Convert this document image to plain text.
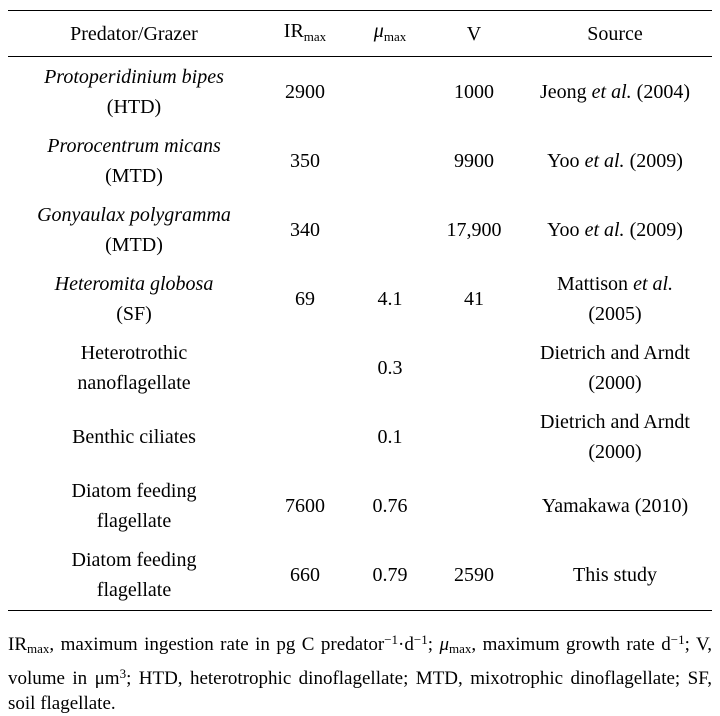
Predator/Grazer	$IR_{max}$	$\mu_{max}$	V	Source
Protoperidinium bipes
(HTD)	2900		1000	Jeong et al. (2004)
Prorocentrum micans
(MTD)	350		9900	Yoo et al. (2009)
Gonyaulax polygramma
(MTD)	340		17,900	Yoo et al. (2009)
Heteromita globosa
(SF)	69	4.1	41	Mattison et al.
(2005)
Heterotrothic
nanoflagellate		0.3		Dietrich and Arndt
(2000)
Benthic ciliates		0.1		Dietrich and Arndt
(2000)
Diatom feeding
flagellate	7600	0.76		Yamakawa (2010)
Diatom feeding
flagellate	660	0.79	2590	This study
IRmax, maximum ingestion rate in pg C $predator^{-1}\cdot d^{-1}$; μmax, maximum growth rate $d^{-1}$; V, volume in $\mu m^3$; HTD, heterotrophic dinoflagellate; MTD, mixotrophic dinoflagellate; SF, soil flagellate.
